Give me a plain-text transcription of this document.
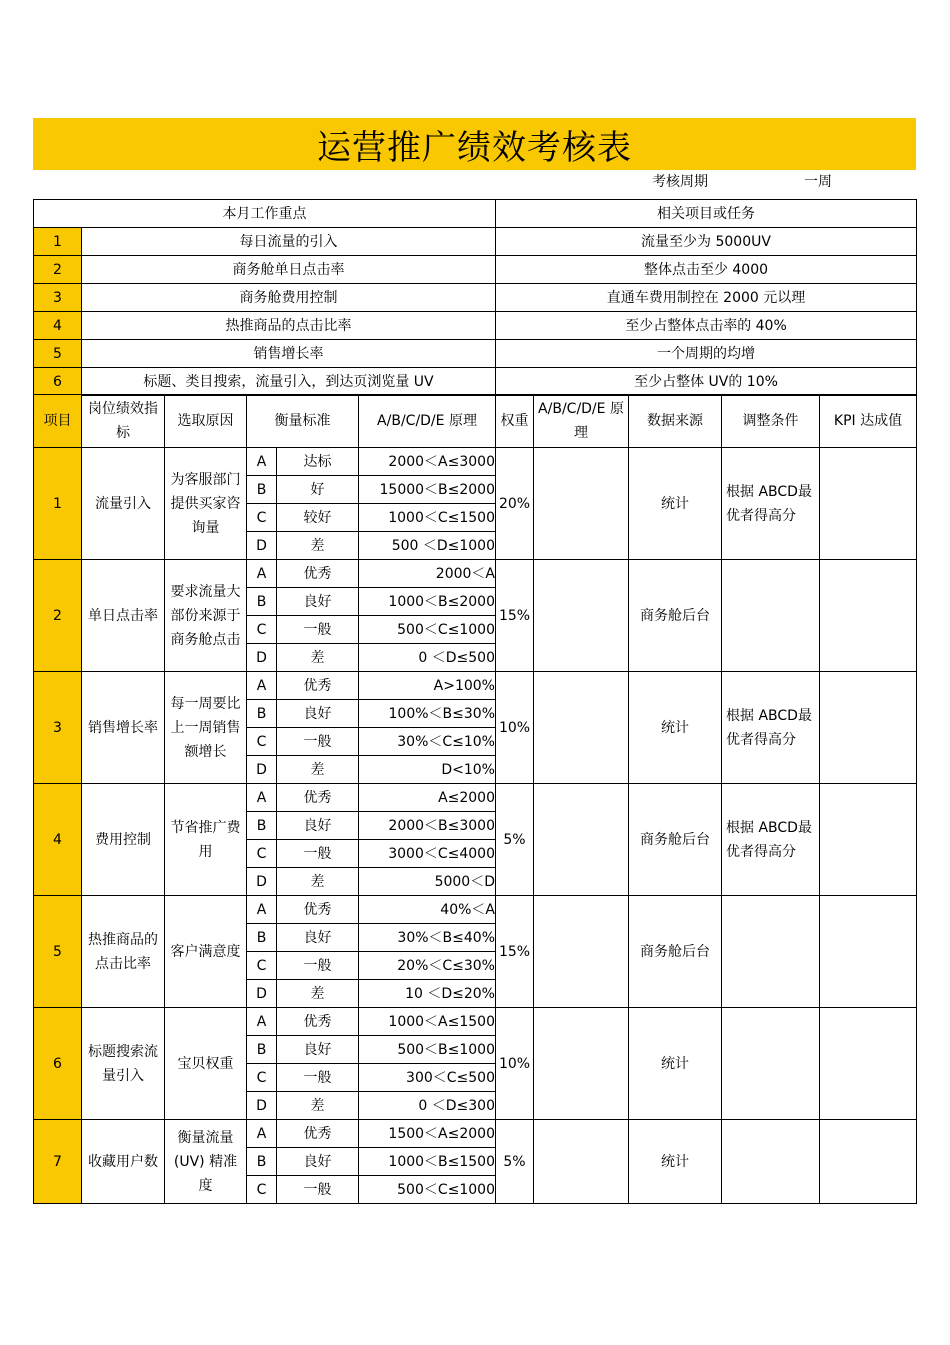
运营推广绩效考核表
考核周期	一周
本月工作重点		相关项目或任务
1	每日流量的引入	流量至少为 5000UV
2	商务舱单日点击率	整体点击至少 4000
3	商务舱费用控制	直通车费用制控在 2000 元以理
4	热推商品的点击比率	至少占整体点击率的 40%
5	销售增长率	一个周期的均增
6	标题、类目搜索，流量引入，到达页浏览量 UV	至少占整体 UV的 10%
项目	岗位绩效指标	选取原因	衡量标准		A/B/C/D/E 原理	权重	A/B/C/D/E 原理	数据来源	调整条件	KPI 达成值
1	流量引入	为客服部门提供买家咨询量	A	达标	2000＜A≤3000	20%		统计	根据 ABCD最优者得高分	
			B	好	15000＜B≤2000					
			C	较好	1000＜C≤1500					
			D	差	500 ＜D≤1000					
2	单日点击率	要求流量大部份来源于商务舱点击	A	优秀	2000＜A	15%		商务舱后台		
			B	良好	1000＜B≤2000					
			C	一般	500＜C≤1000					
			D	差	0 ＜D≤500					
3	销售增长率	每一周要比上一周销售额增长	A	优秀	A>100%	10%		统计	根据 ABCD最优者得高分	
			B	良好	100%＜B≤30%					
			C	一般	30%＜C≤10%					
			D	差	D<10%					
4	费用控制	节省推广费用	A	优秀	A≤2000	5%		商务舱后台	根据 ABCD最优者得高分	
			B	良好	2000＜B≤3000					
			C	一般	3000＜C≤4000					
			D	差	5000＜D					
5	热推商品的点击比率	客户满意度	A	优秀	40%＜A	15%		商务舱后台		
			B	良好	30%＜B≤40%					
			C	一般	20%＜C≤30%					
			D	差	10 ＜D≤20%					
6	标题搜索流量引入	宝贝权重	A	优秀	1000＜A≤1500	10%		统计		
			B	良好	500＜B≤1000					
			C	一般	300＜C≤500					
			D	差	0 ＜D≤300					
7	收藏用户数	衡量流量(UV) 精准度	A	优秀	1500＜A≤2000	5%		统计		
			B	良好	1000＜B≤1500					
			C	一般	500＜C≤1000					
